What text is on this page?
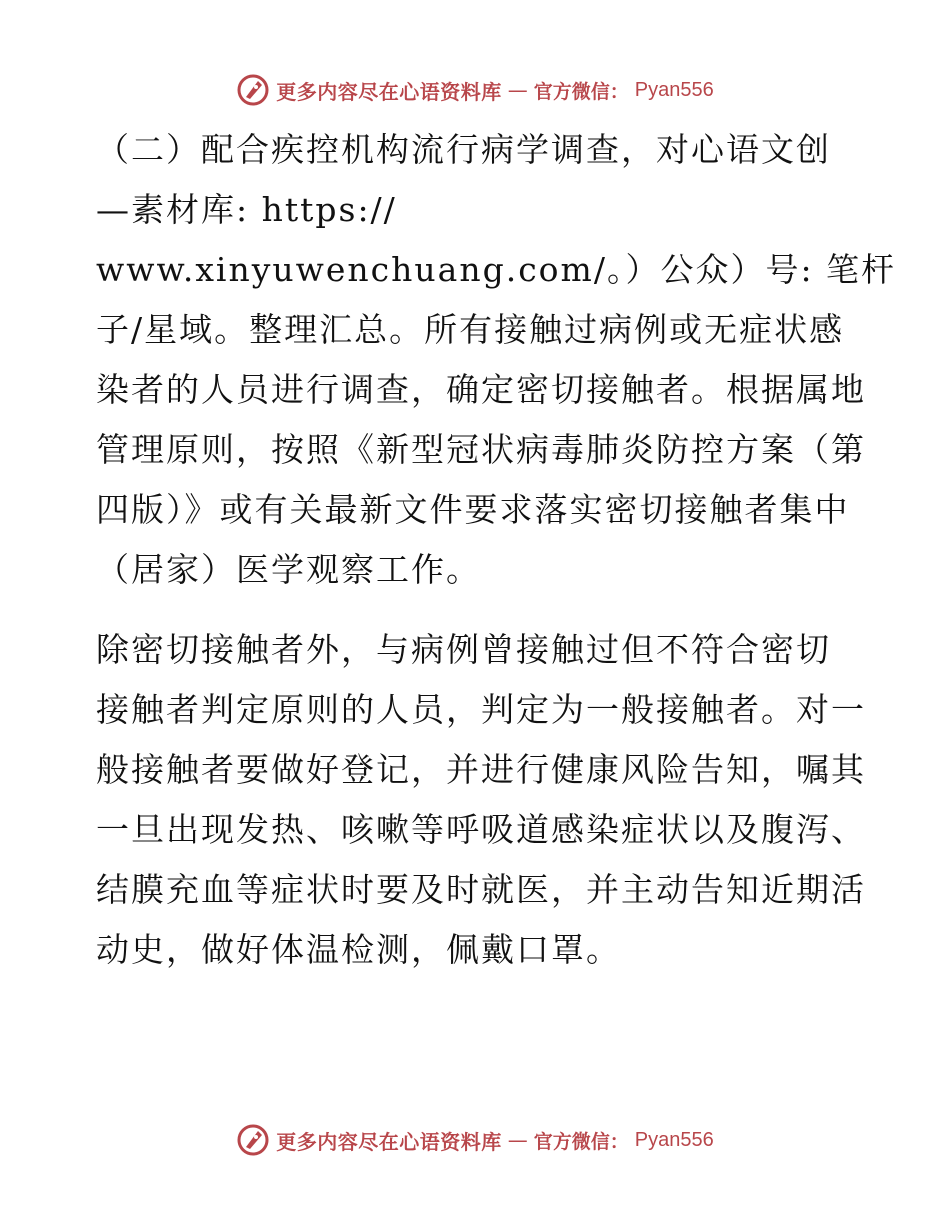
更多内容尽在心语资料库 — 官方微信： Pyan556

（二）配合疾控机构流行病学调查，对心语文创
—素材库: https://
www.xinyuwenchuang.com/。）公众）号: 笔杆
子/星域。整理汇总。所有接触过病例或无症状感
染者的人员进行调查，确定密切接触者。根据属地
管理原则，按照《新型冠状病毒肺炎防控方案（第
四版）》或有关最新文件要求落实密切接触者集中
（居家）医学观察工作。

除密切接触者外，与病例曾接触过但不符合密切
接触者判定原则的人员，判定为一般接触者。对一
般接触者要做好登记，并进行健康风险告知，嘱其
一旦出现发热、咳嗽等呼吸道感染症状以及腹泻、
结膜充血等症状时要及时就医，并主动告知近期活
动史，做好体温检测，佩戴口罩。

更多内容尽在心语资料库 — 官方微信： Pyan556
